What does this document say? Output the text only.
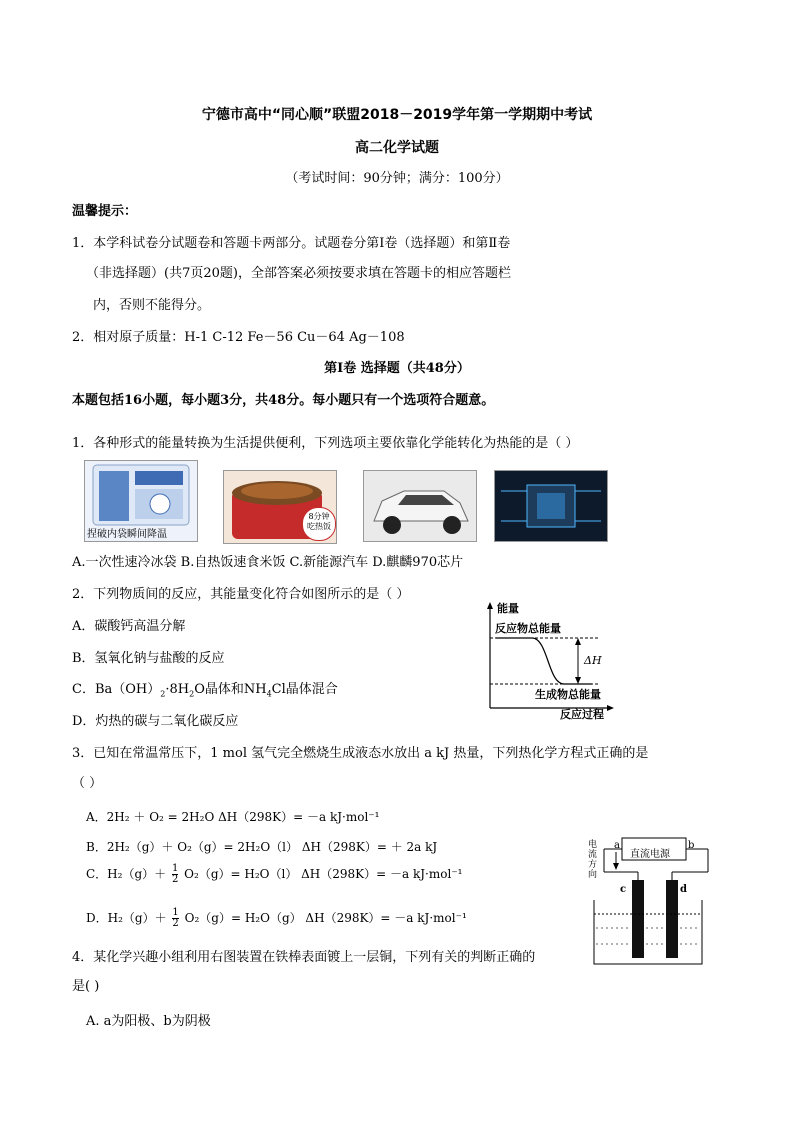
宁德市高中“同心顺”联盟2018－2019学年第一学期期中考试
高二化学试题
（考试时间：90分钟；满分：100分）
温馨提示：
1．本学科试卷分试题卷和答题卡两部分。试题卷分第Ⅰ卷（选择题）和第Ⅱ卷
（非选择题）(共7页20题)，全部答案必须按要求填在答题卡的相应答题栏
内，否则不能得分。
2．相对原子质量：H-1 C-12 Fe－56 Cu－64 Ag－108
第Ⅰ卷 选择题（共48分）
本题包括16小题，每小题3分，共48分。每小题只有一个选项符合题意。
1．各种形式的能量转换为生活提供便利，下列选项主要依靠化学能转化为热能的是（ ）
捏破内袋瞬间降温
8分钟
吃热饭
A.一次性速冷冰袋 B.自热饭速食米饭 C.新能源汽车 D.麒麟970芯片
2．下列物质间的反应，其能量变化符合如图所示的是（ ）
A．碳酸钙高温分解
B．氢氧化钠与盐酸的反应
C．$Ba(OH)_2\cdot 8H_2O$晶体和$NH_4Cl$晶体混合
D．灼热的碳与二氧化碳反应
能量
反应物总能量
ΔH
生成物总能量
反应过程
3．已知在常温常压下，1 mol 氢气完全燃烧生成液态水放出 a kJ 热量，下列热化学方程式正确的是
（ ）
A．2H₂ ＋ O₂ = 2H₂O ΔH（298K）= －a kJ·mol⁻¹
B．2H₂（g）＋ O₂（g）= 2H₂O（l） ΔH（298K）= ＋ 2a kJ
C．$H_2(g)+ \frac{1}{2} O_2(g)= H_2O(l)$ ΔH（298K）= －a kJ·mol⁻¹
D．$H_2(g)+ \frac{1}{2} O_2(g)= H_2O(g)$ ΔH（298K）= －a kJ·mol⁻¹
直流电源
a	b
c	d
电流方向
4．某化学兴趣小组利用右图装置在铁棒表面镀上一层铜，下列有关的判断正确的
是( )
A. a为阳极、b为阴极
